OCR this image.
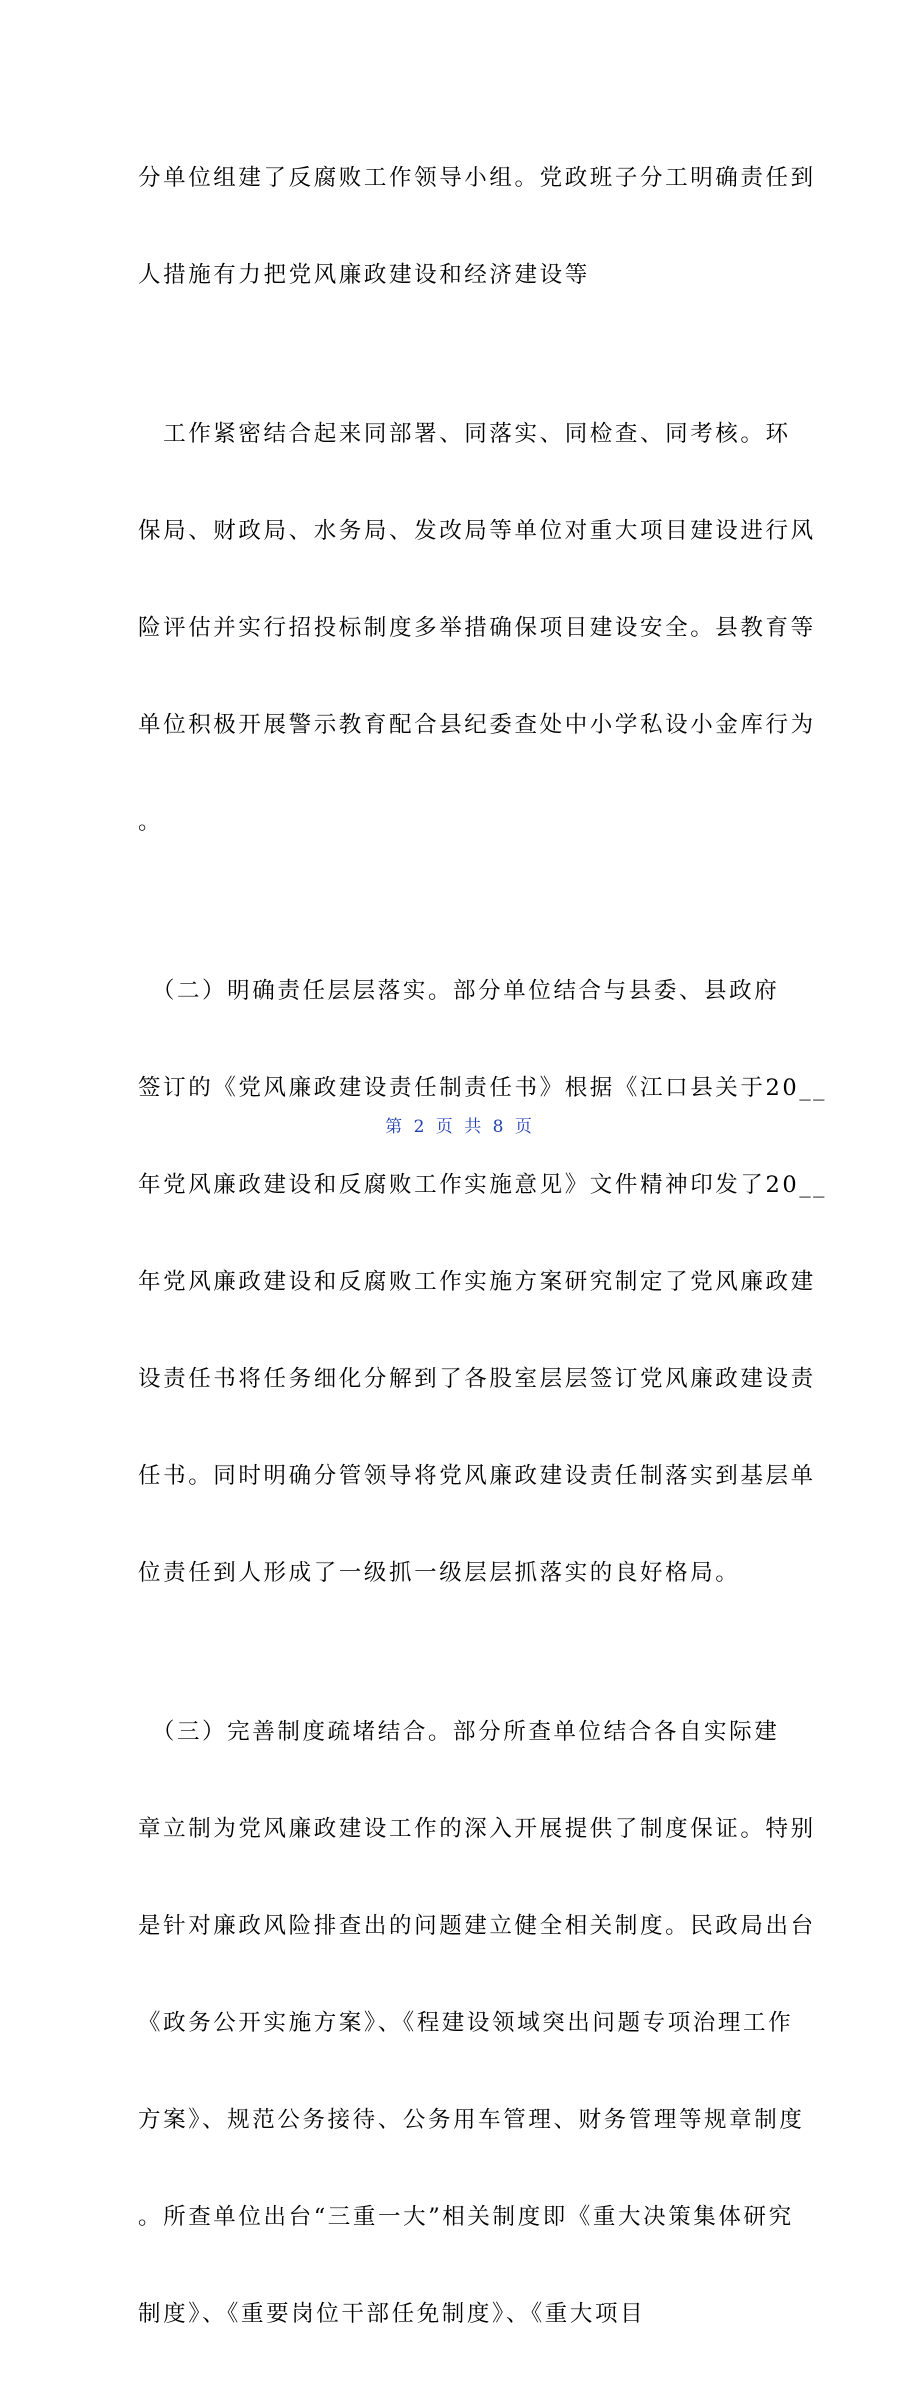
分单位组建了反腐败工作领导小组。党政班子分工明确责任到

人措施有力把党风廉政建设和经济建设等

　工作紧密结合起来同部署、同落实、同检查、同考核。环

保局、财政局、水务局、发改局等单位对重大项目建设进行风

险评估并实行招投标制度多举措确保项目建设安全。县教育等

单位积极开展警示教育配合县纪委查处中小学私设小金库行为

。

　（二）明确责任层层落实。部分单位结合与县委、县政府

签订的《党风廉政建设责任制责任书》根据《江口县关于20__

年党风廉政建设和反腐败工作实施意见》文件精神印发了20__

年党风廉政建设和反腐败工作实施方案研究制定了党风廉政建

设责任书将任务细化分解到了各股室层层签订党风廉政建设责

任书。同时明确分管领导将党风廉政建设责任制落实到基层单

位责任到人形成了一级抓一级层层抓落实的良好格局。

　（三）完善制度疏堵结合。部分所查单位结合各自实际建

章立制为党风廉政建设工作的深入开展提供了制度保证。特别

是针对廉政风险排查出的问题建立健全相关制度。民政局出台

《政务公开实施方案》、《程建设领域突出问题专项治理工作

方案》、规范公务接待、公务用车管理、财务管理等规章制度

。所查单位出台“三重一大”相关制度即《重大决策集体研究

制度》、《重要岗位干部任免制度》、《重大项目

第 2 页 共 8 页
